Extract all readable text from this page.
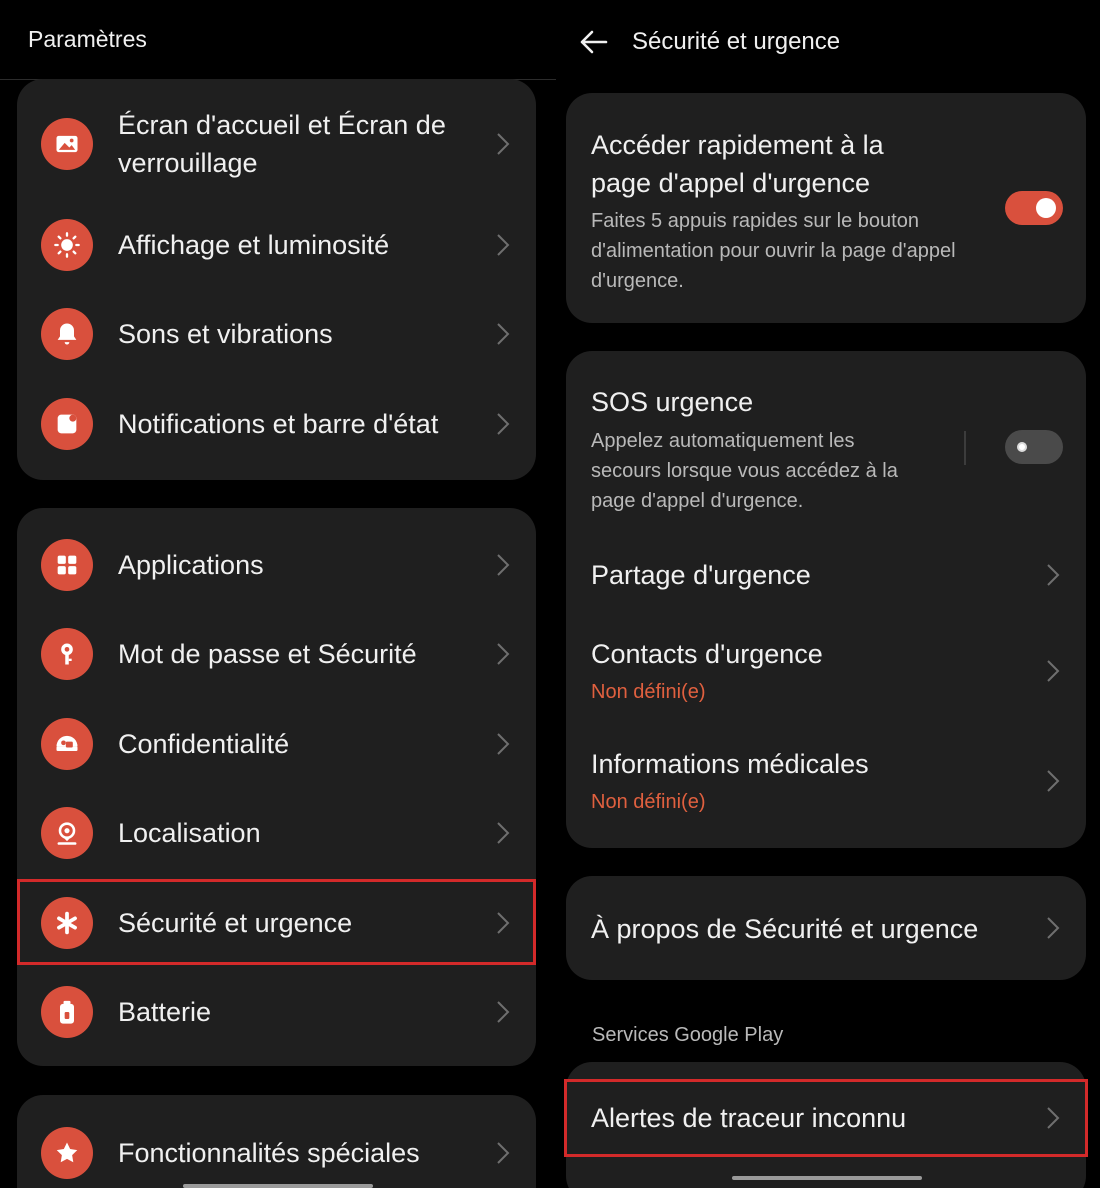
Paramètres
Écran d'accueil et Écran de verrouillage
Affichage et luminosité
Sons et vibrations
Notifications et barre d'état
Applications
Mot de passe et Sécurité
Confidentialité
Localisation
Sécurité et urgence
Batterie
Fonctionnalités spéciales
Sécurité et urgence
Accéder rapidement à la page d'appel d'urgence
Faites 5 appuis rapides sur le bouton d'alimentation pour ouvrir la page d'appel d'urgence.
SOS urgence
Appelez automatiquement les secours lorsque vous accédez à la page d'appel d'urgence.
Partage d'urgence
Contacts d'urgence
Non défini(e)
Informations médicales
Non défini(e)
À propos de Sécurité et urgence
Services Google Play
Alertes de traceur inconnu
